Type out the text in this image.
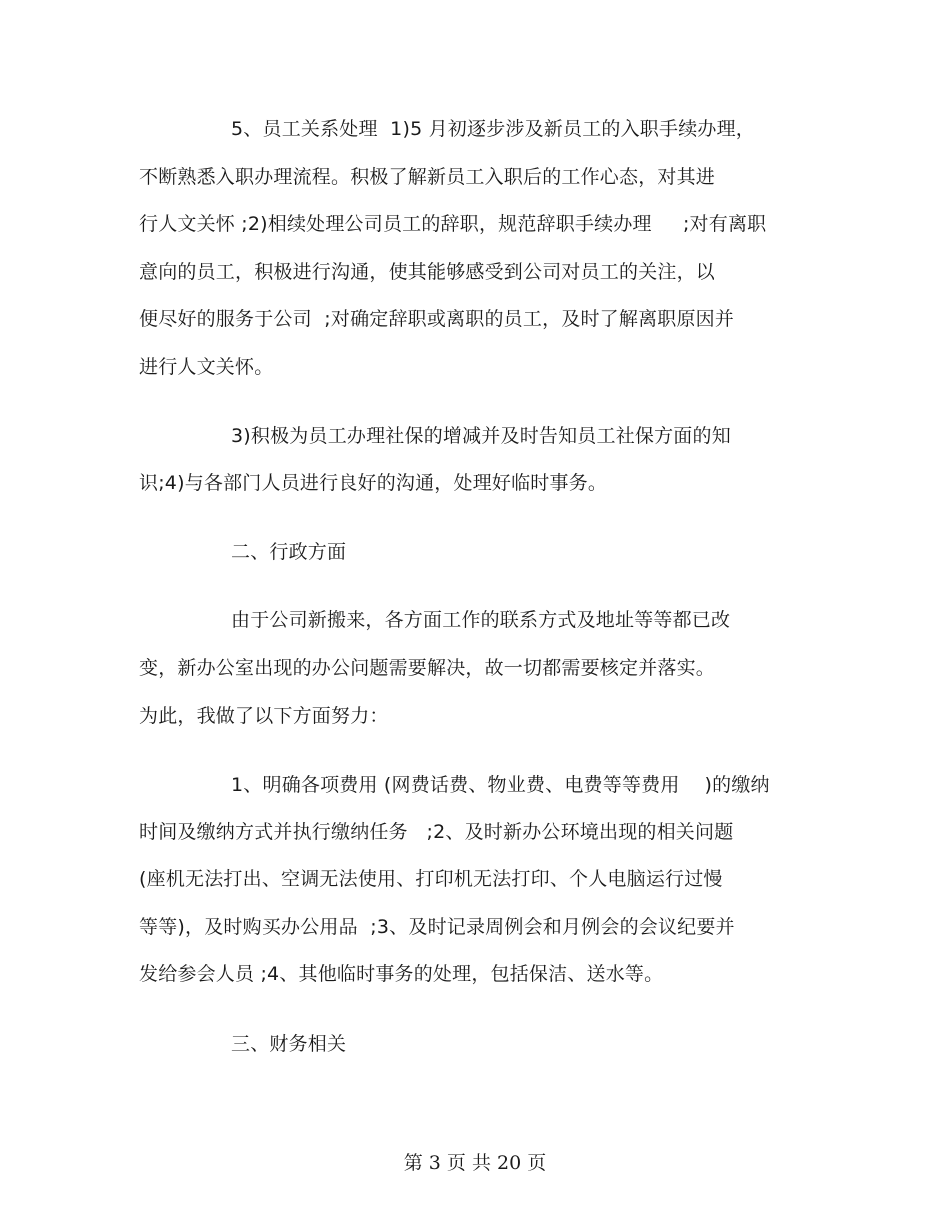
5、员工关系处理  1)5 月初逐步涉及新员工的入职手续办理，
不断熟悉入职办理流程。积极了解新员工入职后的工作心态，对其进
行人文关怀 ;2)相续处理公司员工的辞职，规范辞职手续办理     ;对有离职
意向的员工，积极进行沟通，使其能够感受到公司对员工的关注，以
便尽好的服务于公司  ;对确定辞职或离职的员工，及时了解离职原因并
进行人文关怀。
3)积极为员工办理社保的增减并及时告知员工社保方面的知
识;4)与各部门人员进行良好的沟通，处理好临时事务。
二、行政方面
由于公司新搬来，各方面工作的联系方式及地址等等都已改
变，新办公室出现的办公问题需要解决，故一切都需要核定并落实。
为此，我做了以下方面努力：
1、明确各项费用 (网费话费、物业费、电费等等费用    )的缴纳
时间及缴纳方式并执行缴纳任务   ;2、及时新办公环境出现的相关问题
(座机无法打出、空调无法使用、打印机无法打印、个人电脑运行过慢
等等)，及时购买办公用品  ;3、及时记录周例会和月例会的会议纪要并
发给参会人员 ;4、其他临时事务的处理，包括保洁、送水等。
三、财务相关
第 3 页 共 20 页
